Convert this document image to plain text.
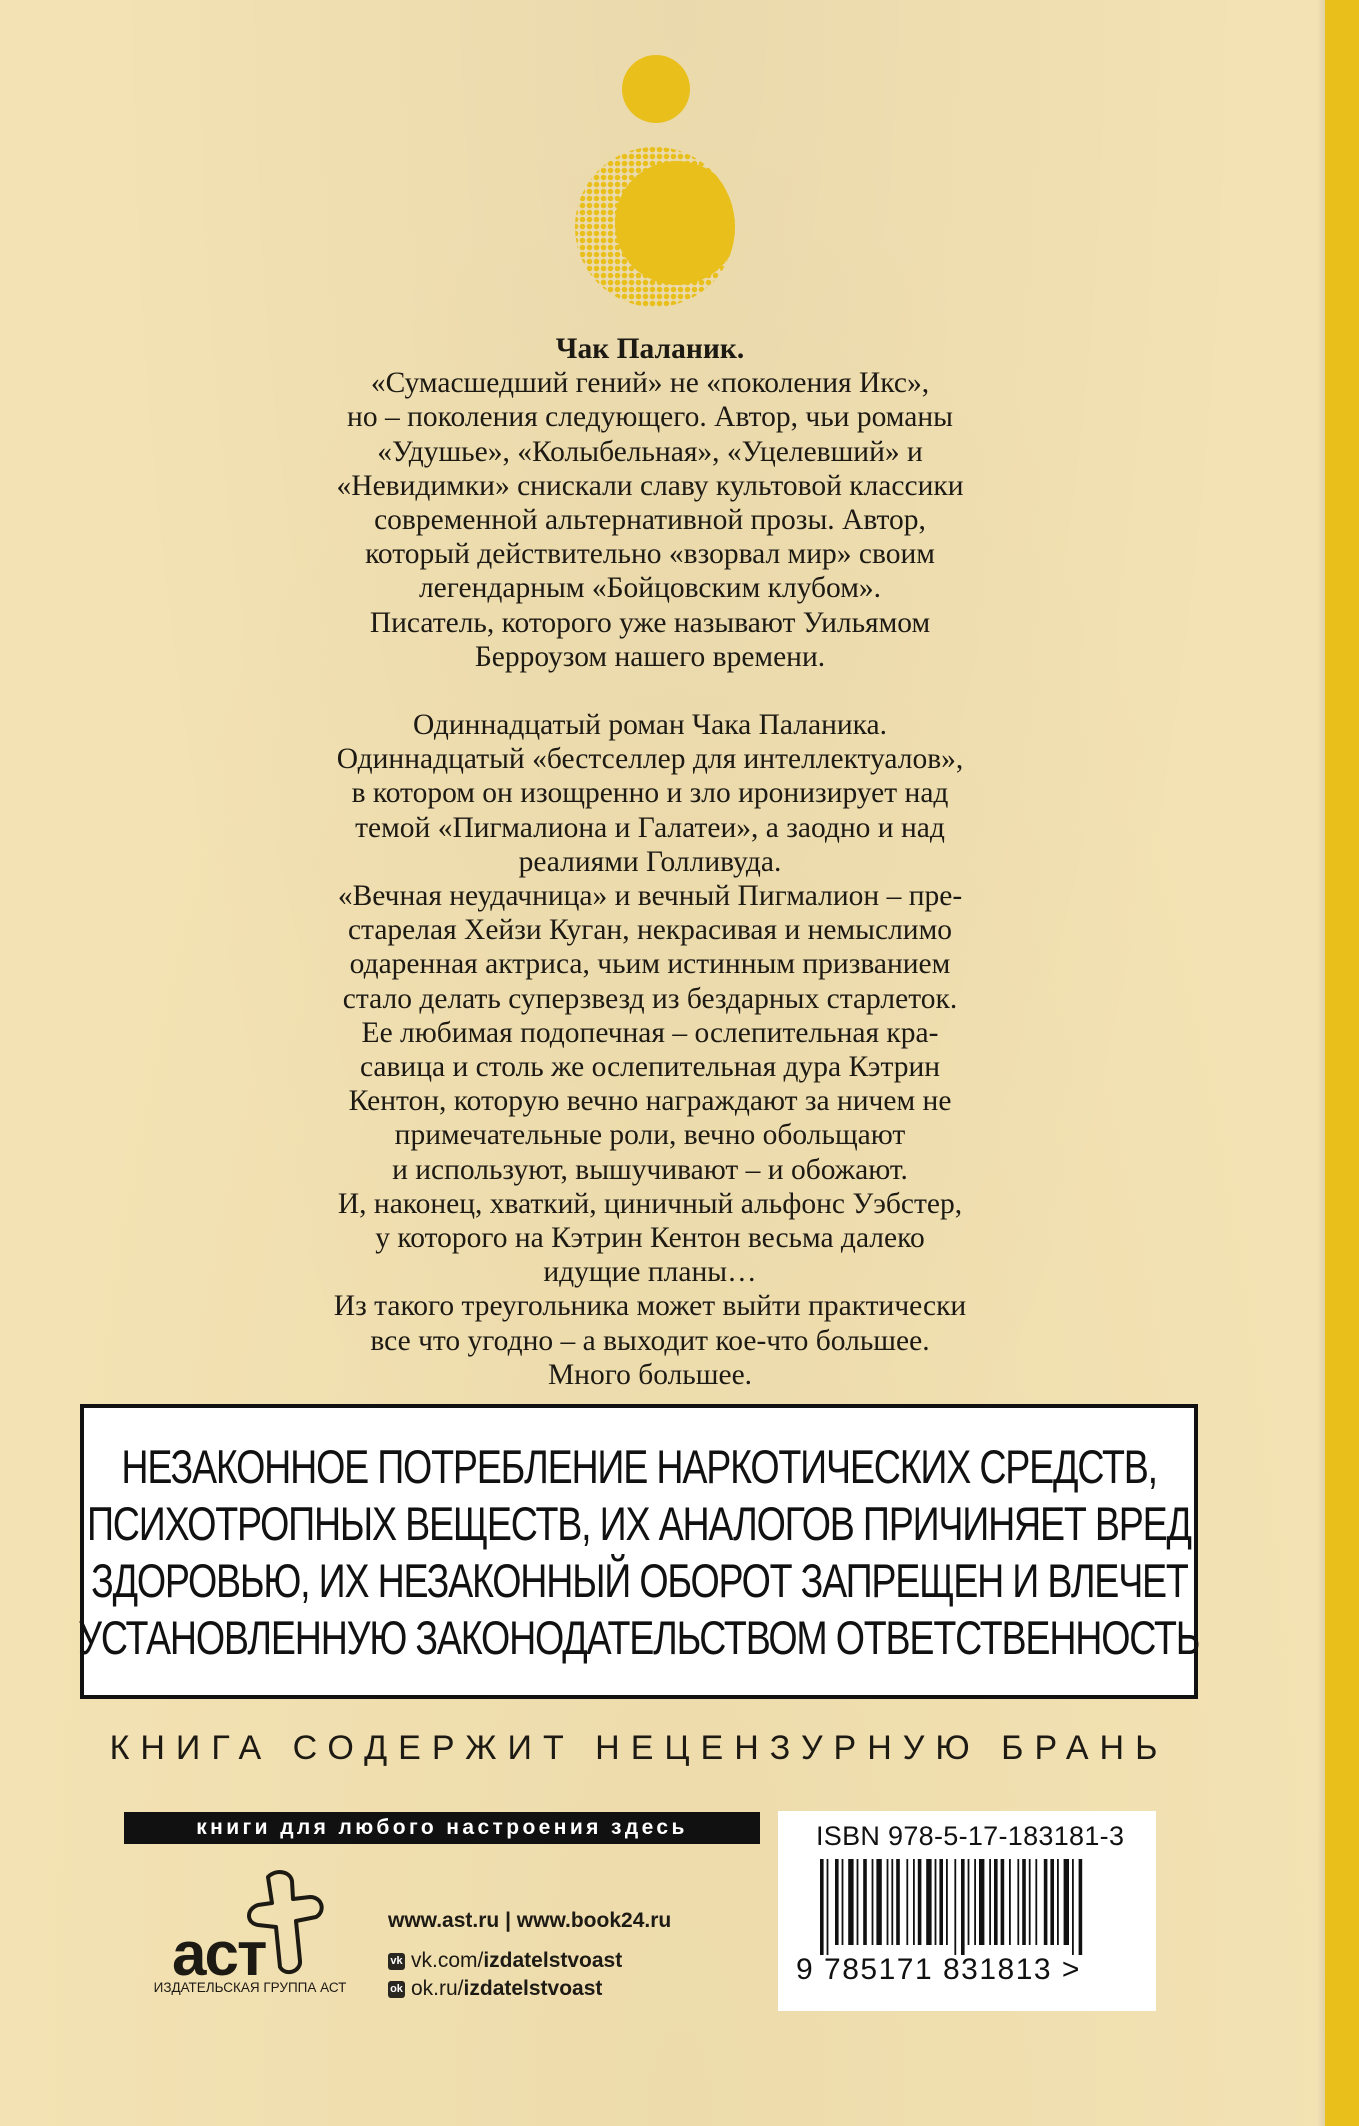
Чак Паланик.

«Сумасшедший гений» не «поколения Икс»,

но – поколения следующего. Автор, чьи романы

«Удушье», «Колыбельная», «Уцелевший» и

«Невидимки» снискали славу культовой классики

современной альтернативной прозы. Автор,

который действительно «взорвал мир» своим

легендарным «Бойцовским клубом».

Писатель, которого уже называют Уильямом

Берроузом нашего времени.

Одиннадцатый роман Чака Паланика.

Одиннадцатый «бестселлер для интеллектуалов»,

в котором он изощренно и зло иронизирует над

темой «Пигмалиона и Галатеи», а заодно и над

реалиями Голливуда.

«Вечная неудачница» и вечный Пигмалион – пре-

старелая Хейзи Куган, некрасивая и немыслимо

одаренная актриса, чьим истинным призванием

стало делать суперзвезд из бездарных старлеток.

Ее любимая подопечная – ослепительная кра-

савица и столь же ослепительная дура Кэтрин

Кентон, которую вечно награждают за ничем не

примечательные роли, вечно обольщают

и используют, вышучивают – и обожают.

И, наконец, хваткий, циничный альфонс Уэбстер,

у которого на Кэтрин Кентон весьма далеко

идущие планы…

Из такого треугольника может выйти практически

все что угодно – а выходит кое-что большее.

Много большее.

НЕЗАКОННОЕ ПОТРЕБЛЕНИЕ НАРКОТИЧЕСКИХ СРЕДСТВ,
ПСИХОТРОПНЫХ ВЕЩЕСТВ, ИХ АНАЛОГОВ ПРИЧИНЯЕТ ВРЕД
ЗДОРОВЬЮ, ИХ НЕЗАКОННЫЙ ОБОРОТ ЗАПРЕЩЕН И ВЛЕЧЕТ
УСТАНОВЛЕННУЮ ЗАКОНОДАТЕЛЬСТВОМ ОТВЕТСТВЕННОСТЬ
КНИГА СОДЕРЖИТ НЕЦЕНЗУРНУЮ БРАНЬ
книги для любого настроения здесь
аст
ИЗДАТЕЛЬСКАЯ ГРУППА АСТ
www.ast.ru | www.book24.ru
vk vk.com/izdatelstvoast
ok ok.ru/izdatelstvoast
ISBN 978-5-17-183181-3
9 785171 831813 >
